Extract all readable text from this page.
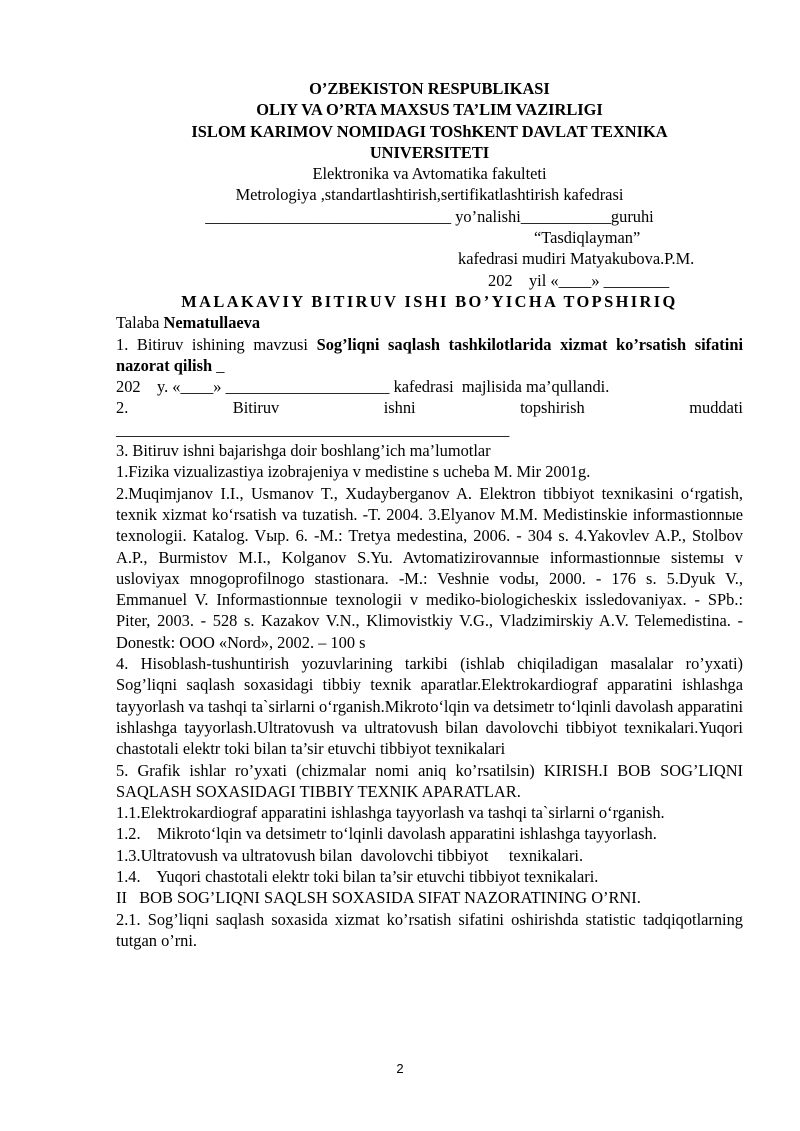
O’ZBEKISTON RESPUBLIKASI
OLIY VA O’RTA MAXSUS TA’LIM VAZIRLIGI
ISLOM KARIMOV NOMIDAGI TOShKENT DAVLAT TEXNIKA
UNIVERSITETI
Elektronika va Avtomatika fakulteti
Metrologiya ,standartlashtirish,sertifikatlashtirish kafedrasi
______________________________ yo’nalishi___________guruhi
“Tasdiqlayman”
kafedrasi mudiri Matyakubova.P.M.
202    yil «____» ________
MALAKAVIY BITIRUV ISHI BO’YICHA TOPSHIRIQ
Talaba Nematullaeva
1. Bitiruv ishining mavzusi Sog’liqni saqlash tashkilotlarida xizmat ko’rsatish sifatini nazorat qilish _
202    y. «____» ____________________ kafedrasi  majlisida ma’qullandi.
2.	Bitiruv	ishni	topshirish	muddati
________________________________________________
3. Bitiruv ishni bajarishga doir boshlang’ich ma’lumotlar
1.Fizika vizualizastiya izobrajeniya v medistine s ucheba M. Mir 2001g.
2.Muqimjanov I.I., Usmanov T., Xudayberganov A. Elektron tibbiyot texnikasini o‘rgatish, texnik xizmat ko‘rsatish va tuzatish. -T. 2004. 3.Elyanov M.M. Medistinskie informastionnыe texnologii. Katalog. Vыp. 6. -M.: Tretya medestina, 2006. - 304 s. 4.Yakovlev A.P., Stolbov A.P., Burmistov M.I., Kolganov S.Yu. Avtomatizirovannыe informastionnыe sistemы v usloviyax mnogoprofilnogo stastionara. -M.: Veshnie vodы, 2000. - 176 s. 5.Dyuk V., Emmanuel V. Informastionnыe texnologii v mediko-biologicheskix issledovaniyax. - SPb.: Piter, 2003. - 528 s. Kazakov V.N., Klimovistkiy V.G., Vladzimirskiy A.V. Telemedistina. -Donestk: OOO «Nord», 2002. – 100 s
4. Hisoblash-tushuntirish yozuvlarining tarkibi (ishlab chiqiladigan masalalar ro’yxati) Sog’liqni saqlash soxasidagi tibbiy texnik aparatlar.Elektrokardiograf apparatini ishlashga tayyorlash va tashqi ta`sirlarni o‘rganish.Mikroto‘lqin va detsimetr to‘lqinli davolash apparatini ishlashga tayyorlash.Ultratovush va ultratovush bilan davolovchi tibbiyot texnikalari.Yuqori chastotali elektr toki bilan ta’sir etuvchi tibbiyot texnikalari
5. Grafik ishlar ro’yxati (chizmalar nomi aniq ko’rsatilsin) KIRISH.I BOB SOG’LIQNI SAQLASH SOXASIDAGI TIBBIY TEXNIK APARATLAR.
1.1.Elektrokardiograf apparatini ishlashga tayyorlash va tashqi ta`sirlarni o‘rganish.
1.2.    Mikroto‘lqin va detsimetr to‘lqinli davolash apparatini ishlashga tayyorlash.
1.3.Ultratovush va ultratovush bilan  davolovchi tibbiyot     texnikalari.
1.4.    Yuqori chastotali elektr toki bilan ta’sir etuvchi tibbiyot texnikalari.
II   BOB SOG’LIQNI SAQLSH SOXASIDA SIFAT NAZORATINING O’RNI.
2.1. Sog’liqni saqlash soxasida xizmat ko’rsatish sifatini oshirishda statistic tadqiqotlarning tutgan o’rni.
2
